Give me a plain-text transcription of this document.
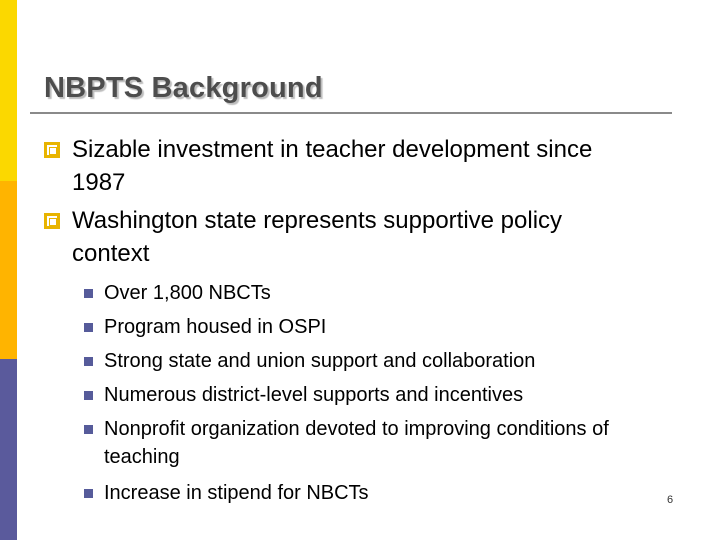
NBPTS Background
Sizable investment in teacher development since
1987
Washington state represents supportive policy
context
Over 1,800 NBCTs
Program housed in OSPI
Strong state and union support and collaboration
Numerous district-level supports and incentives
Nonprofit organization devoted to improving conditions of
teaching
Increase in stipend for NBCTs	6
